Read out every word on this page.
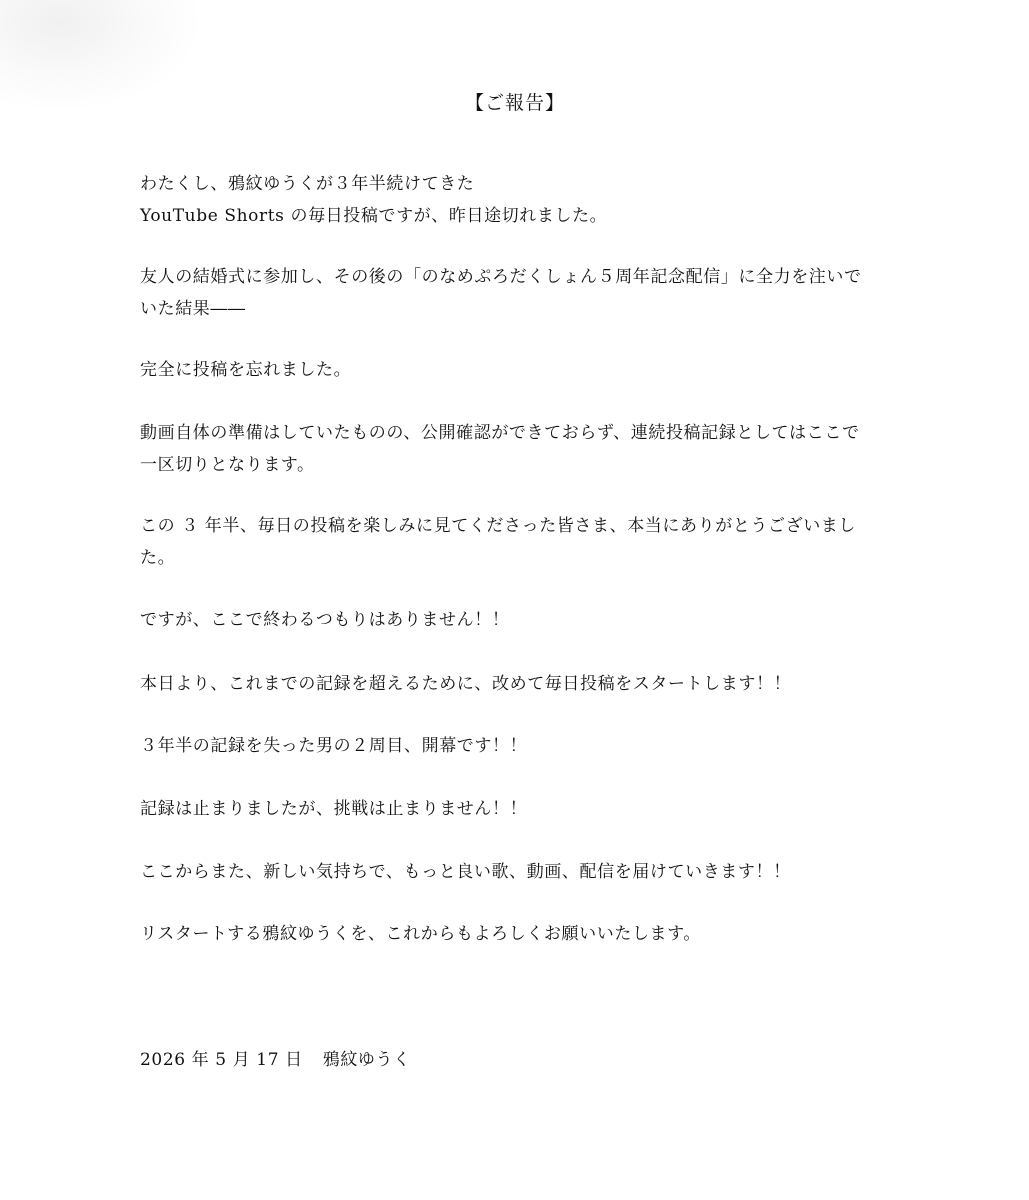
【ご報告】

わたくし、鴉紋ゆうくが３年半続けてきた
YouTube Shorts の毎日投稿ですが、昨日途切れました。

友人の結婚式に参加し、その後の「のなめぷろだくしょん５周年記念配信」に全力を注いで
いた結果――

完全に投稿を忘れました。

動画自体の準備はしていたものの、公開確認ができておらず、連続投稿記録としてはここで
一区切りとなります。

この ３ 年半、毎日の投稿を楽しみに見てくださった皆さま、本当にありがとうございまし
た。

ですが、ここで終わるつもりはありません！！

本日より、これまでの記録を超えるために、改めて毎日投稿をスタートします！！

３年半の記録を失った男の２周目、開幕です！！

記録は止まりましたが、挑戦は止まりません！！

ここからまた、新しい気持ちで、もっと良い歌、動画、配信を届けていきます！！

リスタートする鴉紋ゆうくを、これからもよろしくお願いいたします。

2026 年 5 月 17 日 鴉紋ゆうく
